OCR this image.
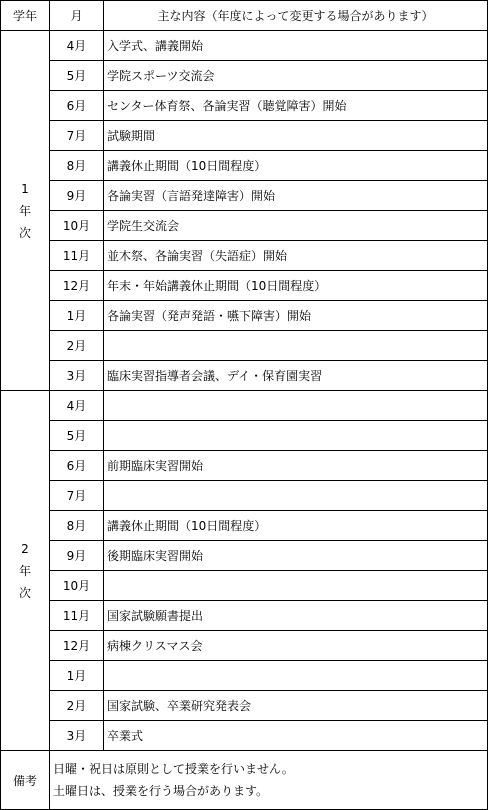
学年	月	主な内容（年度によって変更する場合があります）

1
年
次	4月	入学式、講義開始
	5月	学院スポーツ交流会
	6月	センター体育祭、各論実習（聴覚障害）開始
	7月	試験期間
	8月	講義休止期間（10日間程度）
	9月	各論実習（言語発達障害）開始
	10月	学院生交流会
	11月	並木祭、各論実習（失語症）開始
	12月	年末・年始講義休止期間（10日間程度）
	1月	各論実習（発声発語・嚥下障害）開始
	2月	
	3月	臨床実習指導者会議、デイ・保育園実習

2
年
次	4月	
	5月	
	6月	前期臨床実習開始
	7月	
	8月	講義休止期間（10日間程度）
	9月	後期臨床実習開始
	10月	
	11月	国家試験願書提出
	12月	病棟クリスマス会
	1月	
	2月	国家試験、卒業研究発表会
	3月	卒業式
備考	日曜・祝日は原則として授業を行いません。
土曜日は、授業を行う場合があります。	
